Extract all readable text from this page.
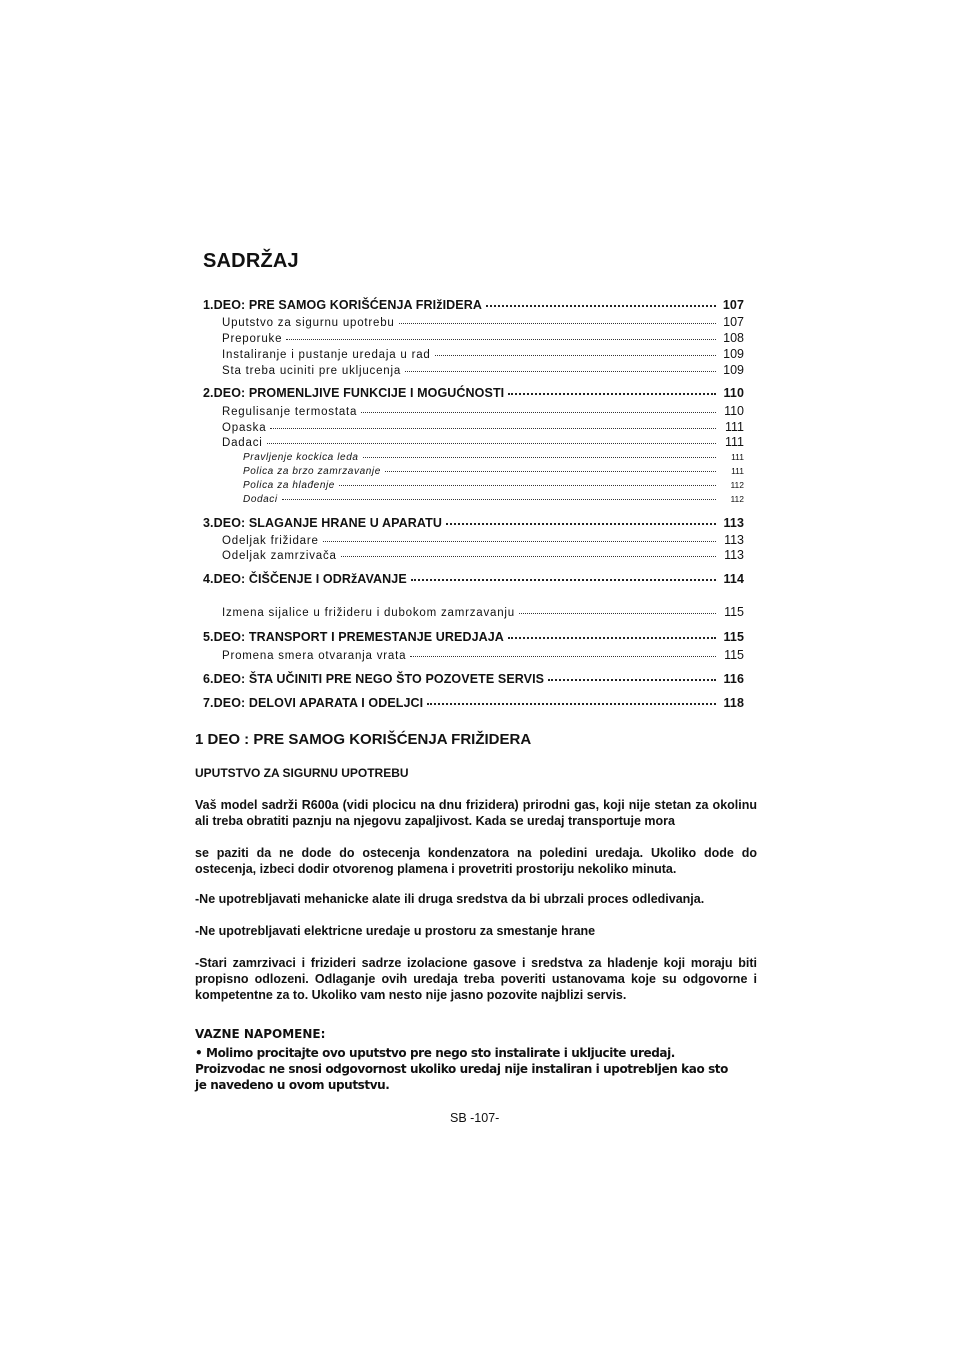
SADRŽAJ
1.DEO: PRE SAMOG KORIŠĆENJA FRIžIDERA	107
Uputstvo za sigurnu upotrebu	107
Preporuke	108
Instaliranje i pustanje uredaja u rad	109
Sta treba uciniti pre ukljucenja	109
2.DEO: PROMENLJIVE FUNKCIJE I MOGUĆNOSTI	110
Regulisanje termostata	110
Opaska	111
Dadaci	111
Pravljenje kockica leda	111
Polica za brzo zamrzavanje	111
Polica za hlađenje	112
Dodaci	112
3.DEO: SLAGANJE HRANE U APARATU	113
Odeljak frižidare	113
Odeljak zamrzivača	113
4.DEO: ČIŠČENJE I ODRžAVANJE	114
Izmena sijalice u frižideru i dubokom zamrzavanju	115
5.DEO: TRANSPORT I PREMESTANJE UREDJAJA	115
Promena smera otvaranja vrata	115
6.DEO: ŠTA UČINITI PRE NEGO ŠTO POZOVETE SERVIS	116
7.DEO: DELOVI APARATA I ODELJCI	118
1 DEO : PRE SAMOG KORIŠĆENJA FRIŽIDERA
UPUTSTVO ZA SIGURNU UPOTREBU
Vaš model sadrži R600a (vidi plocicu na dnu frizidera) prirodni gas, koji nije stetan za okolinu ali treba obratiti paznju na njegovu zapaljivost. Kada se uredaj transportuje mora
se paziti da ne dode do ostecenja kondenzatora na poledini uredaja. Ukoliko dode do ostecenja, izbeci dodir otvorenog plamena i provetriti prostoriju nekoliko minuta.
-Ne upotrebljavati mehanicke alate ili druga sredstva da bi ubrzali proces odledivanja.
-Ne upotrebljavati elektricne uredaje u prostoru za smestanje hrane
-Stari zamrzivaci i frizideri sadrze izolacione gasove i sredstva za hladenje koji moraju biti propisno odlozeni. Odlaganje ovih uredaja treba poveriti ustanovama koje su odgovorne i kompetentne za to. Ukoliko vam nesto nije jasno pozovite najblizi servis.
VAZNE NAPOMENE:
• Molimo procitajte ovo uputstvo pre nego sto instalirate i ukljucite uredaj. Proizvodac ne snosi odgovornost ukoliko uredaj nije instaliran i upotrebljen kao sto je navedeno u ovom uputstvu.
SB -107-
